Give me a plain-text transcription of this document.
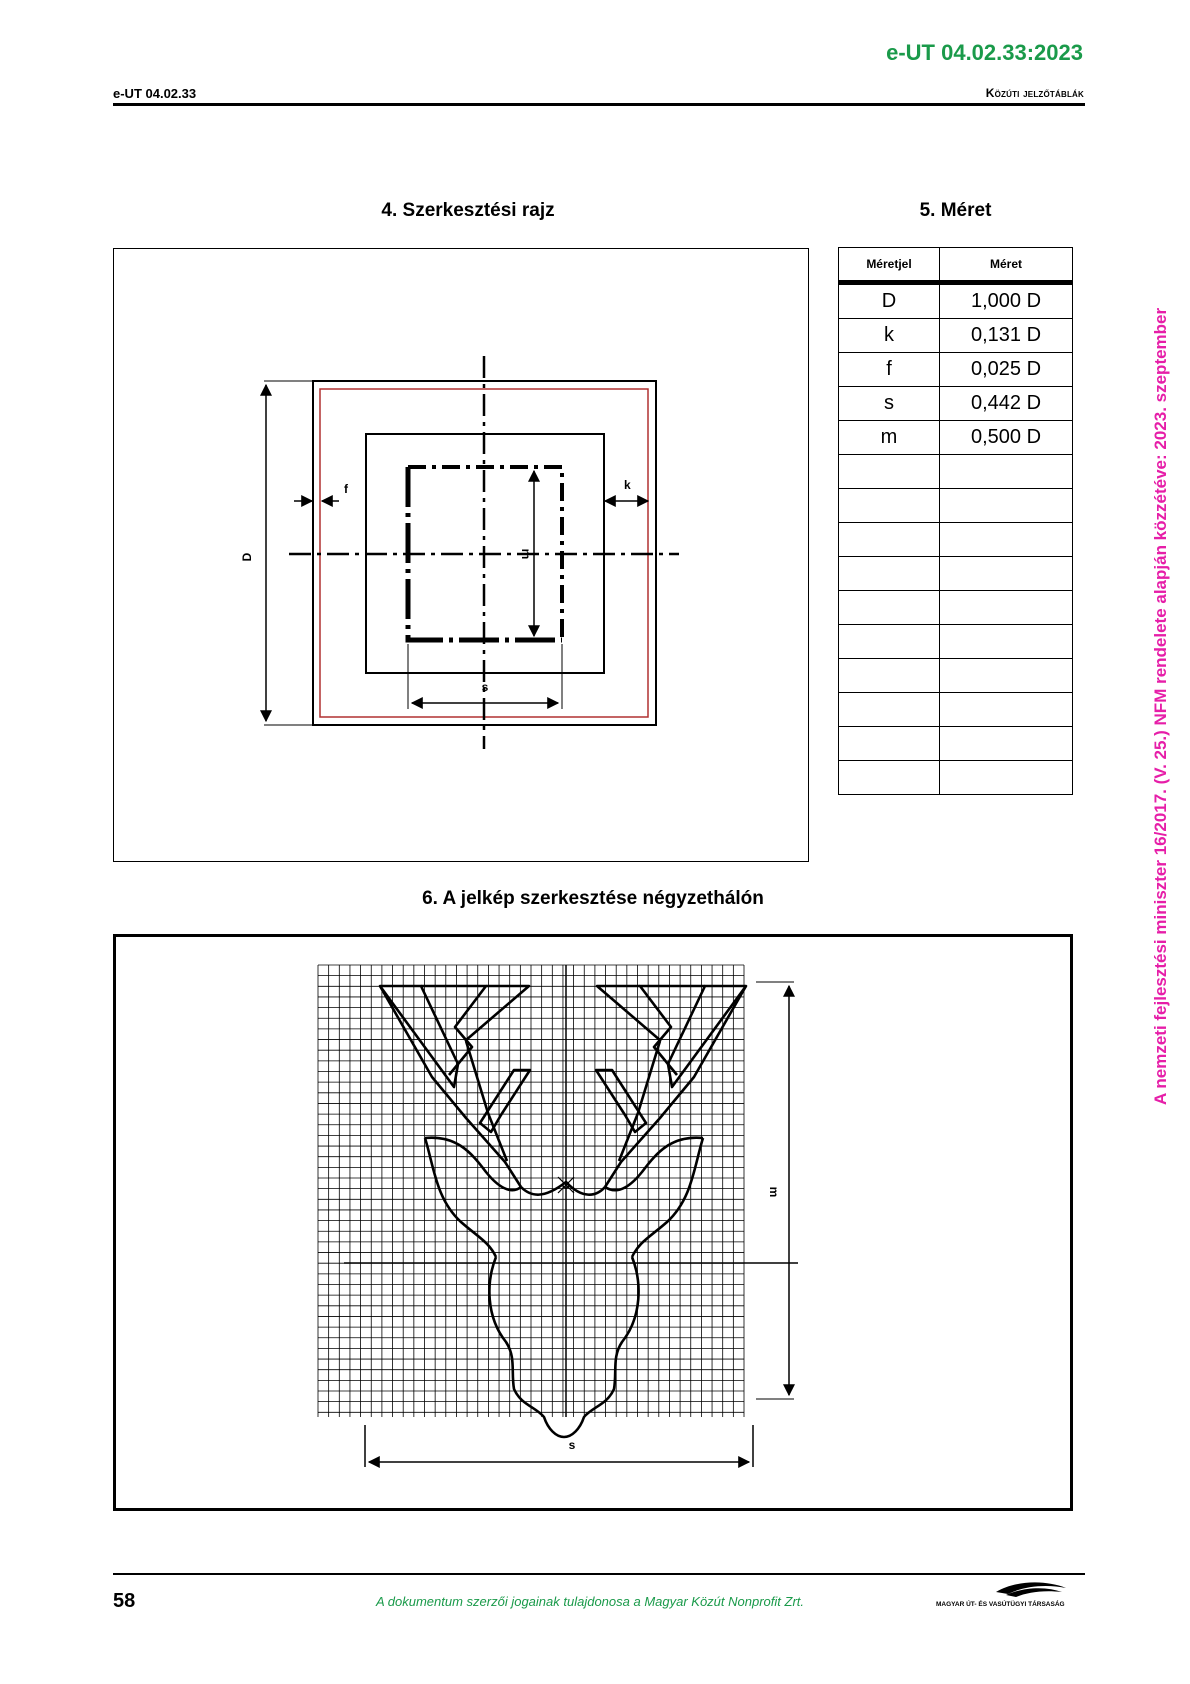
e-UT 04.02.33:2023
e-UT 04.02.33	Közúti jelzőtáblák
A nemzeti fejlesztési miniszter 16/2017. (V. 25.) NFM rendelete alapján közzétéve: 2023. szeptember
4. Szerkesztési rajz	5. Méret
6. A jelkép szerkesztése négyzethálón
D
f	k
m
s
Méretjel	Méret
D	1,000 D
k	0,131 D
f	0,025 D
s	0,442 D
m	0,500 D

m
s
58	A dokumentum szerzői jogainak tulajdonosa a Magyar Közút Nonprofit Zrt.	MAGYAR ÚT- ÉS VASÚTÜGYI TÁRSASÁG
